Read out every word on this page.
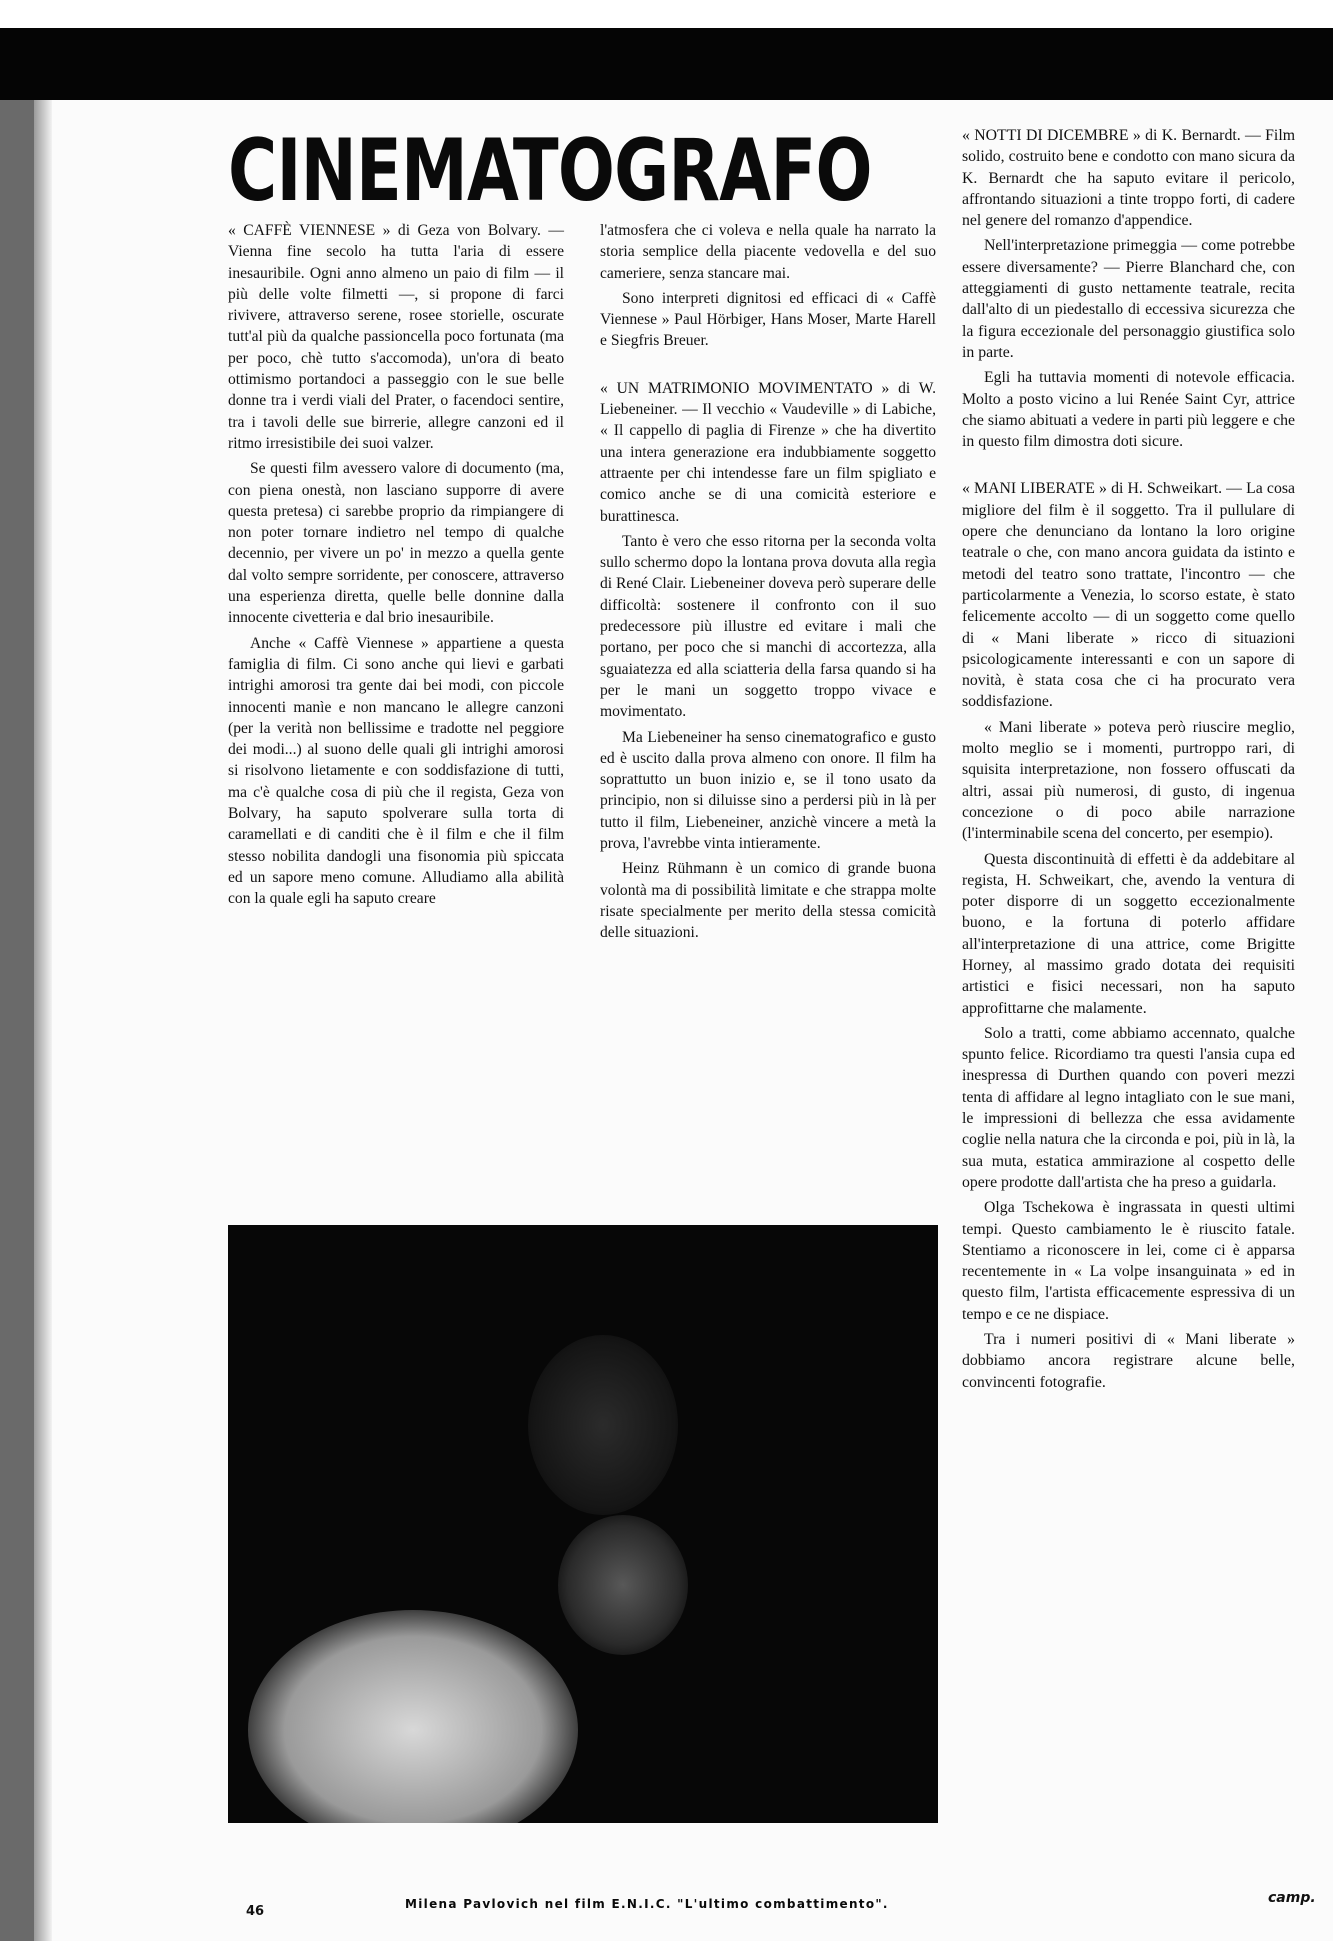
CINEMATOGRAFO

« CAFFÈ VIENNESE » di Geza von Bolvary. — Vienna fine secolo ha tutta l'aria di essere inesauribile. Ogni anno almeno un paio di film — il più delle volte filmetti —, si propone di farci rivivere, attraverso serene, rosee storielle, oscurate tutt'al più da qualche passioncella poco fortunata (ma per poco, chè tutto s'accomoda), un'ora di beato ottimismo portandoci a passeggio con le sue belle donne tra i verdi viali del Prater, o facendoci sentire, tra i tavoli delle sue birrerie, allegre canzoni ed il ritmo irresistibile dei suoi valzer.

Se questi film avessero valore di documento (ma, con piena onestà, non lasciano supporre di avere questa pretesa) ci sarebbe proprio da rimpiangere di non poter tornare indietro nel tempo di qualche decennio, per vivere un po' in mezzo a quella gente dal volto sempre sorridente, per conoscere, attraverso una esperienza diretta, quelle belle donnine dalla innocente civetteria e dal brio inesauribile.

Anche « Caffè Viennese » appartiene a questa famiglia di film. Ci sono anche qui lievi e garbati intrighi amorosi tra gente dai bei modi, con piccole innocenti manìe e non mancano le allegre canzoni (per la verità non bellissime e tradotte nel peggiore dei modi...) al suono delle quali gli intrighi amorosi si risolvono lietamente e con soddisfazione di tutti, ma c'è qualche cosa di più che il regista, Geza von Bolvary, ha saputo spolverare sulla torta di caramellati e di canditi che è il film e che il film stesso nobilita dandogli una fisonomia più spiccata ed un sapore meno comune. Alludiamo alla abilità con la quale egli ha saputo creare

l'atmosfera che ci voleva e nella quale ha narrato la storia semplice della piacente vedovella e del suo cameriere, senza stancare mai.

Sono interpreti dignitosi ed efficaci di « Caffè Viennese » Paul Hörbiger, Hans Moser, Marte Harell e Siegfris Breuer.

« UN MATRIMONIO MOVIMENTATO » di W. Liebeneiner. — Il vecchio « Vaudeville » di Labiche, « Il cappello di paglia di Firenze » che ha divertito una intera generazione era indubbiamente soggetto attraente per chi intendesse fare un film spigliato e comico anche se di una comicità esteriore e burattinesca.

Tanto è vero che esso ritorna per la seconda volta sullo schermo dopo la lontana prova dovuta alla regìa di René Clair. Liebeneiner doveva però superare delle difficoltà: sostenere il confronto con il suo predecessore più illustre ed evitare i mali che portano, per poco che si manchi di accortezza, alla sguaiatezza ed alla sciatteria della farsa quando si ha per le mani un soggetto troppo vivace e movimentato.

Ma Liebeneiner ha senso cinematografico e gusto ed è uscito dalla prova almeno con onore. Il film ha soprattutto un buon inizio e, se il tono usato da principio, non si diluisse sino a perdersi più in là per tutto il film, Liebeneiner, anzichè vincere a metà la prova, l'avrebbe vinta intieramente.

Heinz Rühmann è un comico di grande buona volontà ma di possibilità limitate e che strappa molte risate specialmente per merito della stessa comicità delle situazioni.

« NOTTI DI DICEMBRE » di K. Bernardt. — Film solido, costruito bene e condotto con mano sicura da K. Bernardt che ha saputo evitare il pericolo, affrontando situazioni a tinte troppo forti, di cadere nel genere del romanzo d'appendice.

Nell'interpretazione primeggia — come potrebbe essere diversamente? — Pierre Blanchard che, con atteggiamenti di gusto nettamente teatrale, recita dall'alto di un piedestallo di eccessiva sicurezza che la figura eccezionale del personaggio giustifica solo in parte.

Egli ha tuttavia momenti di notevole efficacia. Molto a posto vicino a lui Renée Saint Cyr, attrice che siamo abituati a vedere in parti più leggere e che in questo film dimostra doti sicure.

« MANI LIBERATE » di H. Schweikart. — La cosa migliore del film è il soggetto. Tra il pullulare di opere che denunciano da lontano la loro origine teatrale o che, con mano ancora guidata da istinto e metodi del teatro sono trattate, l'incontro — che particolarmente a Venezia, lo scorso estate, è stato felicemente accolto — di un soggetto come quello di « Mani liberate » ricco di situazioni psicologicamente interessanti e con un sapore di novità, è stata cosa che ci ha procurato vera soddisfazione.

« Mani liberate » poteva però riuscire meglio, molto meglio se i momenti, purtroppo rari, di squisita interpretazione, non fossero offuscati da altri, assai più numerosi, di gusto, di ingenua concezione o di poco abile narrazione (l'interminabile scena del concerto, per esempio).

Questa discontinuità di effetti è da addebitare al regista, H. Schweikart, che, avendo la ventura di poter disporre di un soggetto eccezionalmente buono, e la fortuna di poterlo affidare all'interpretazione di una attrice, come Brigitte Horney, al massimo grado dotata dei requisiti artistici e fisici necessari, non ha saputo approfittarne che malamente.

Solo a tratti, come abbiamo accennato, qualche spunto felice. Ricordiamo tra questi l'ansia cupa ed inespressa di Durthen quando con poveri mezzi tenta di affidare al legno intagliato con le sue mani, le impressioni di bellezza che essa avidamente coglie nella natura che la circonda e poi, più in là, la sua muta, estatica ammirazione al cospetto delle opere prodotte dall'artista che ha preso a guidarla.

Olga Tschekowa è ingrassata in questi ultimi tempi. Questo cambiamento le è riuscito fatale. Stentiamo a riconoscere in lei, come ci è apparsa recentemente in « La volpe insanguinata » ed in questo film, l'artista efficacemente espressiva di un tempo e ce ne dispiace.

Tra i numeri positivi di « Mani liberate » dobbiamo ancora registrare alcune belle, convincenti fotografie.

Milena Pavlovich nel film E.N.I.C. "L'ultimo combattimento".
46
camp.
